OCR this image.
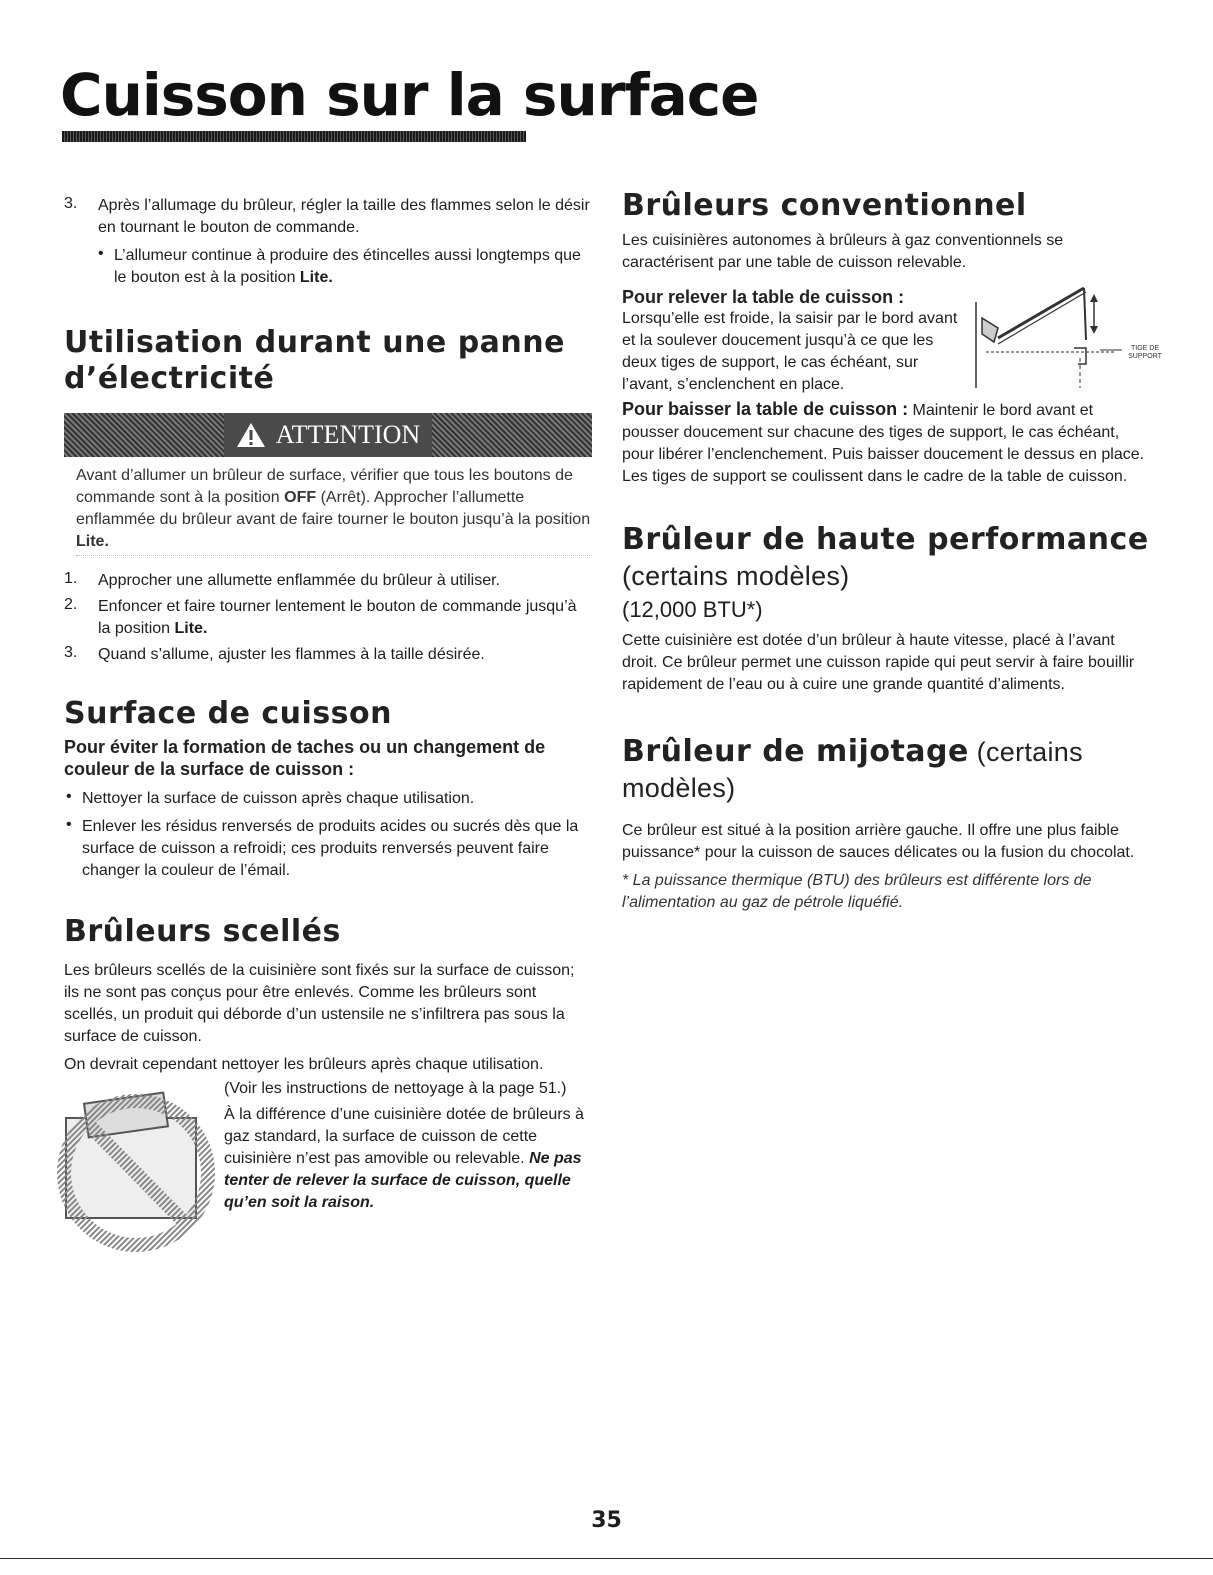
Cuisson sur la surface
3.	Après l’allumage du brûleur, régler la taille des flammes selon le désir en tournant le bouton de commande.

• L’allumeur continue à produire des étincelles aussi longtemps que le bouton est à la position Lite.

Utilisation durant une panne d’électricité
ATTENTION

Avant d’allumer un brûleur de surface, vérifier que tous les boutons de commande sont à la position OFF (Arrêt). Approcher l’allumette enflammée du brûleur avant de faire tourner le bouton jusqu’à la position Lite.

1.	Approcher une allumette enflammée du brûleur à utiliser.

2.	Enfoncer et faire tourner lentement le bouton de commande jusqu’à la position Lite.

3.	Quand s’allume, ajuster les flammes à la taille désirée.

Surface de cuisson
Pour éviter la formation de taches ou un changement de couleur de la surface de cuisson :
• Nettoyer la surface de cuisson après chaque utilisation.

• Enlever les résidus renversés de produits acides ou sucrés dès que la surface de cuisson a refroidi; ces produits renversés peuvent faire changer la couleur de l’émail.

Brûleurs scellés

Les brûleurs scellés de la cuisinière sont fixés sur la surface de cuisson; ils ne sont pas conçus pour être enlevés. Comme les brûleurs sont scellés, un produit qui déborde d’un ustensile ne s’infiltrera pas sous la surface de cuisson.

On devrait cependant nettoyer les brûleurs après chaque utilisation.

(Voir les instructions de nettoyage à la page 51.)

À la différence d’une cuisinière dotée de brûleurs à gaz standard, la surface de cuisson de cette cuisinière n’est pas amovible ou relevable. Ne pas tenter de relever la surface de cuisson, quelle qu’en soit la raison.

Brûleurs conventionnel

Les cuisinières autonomes à brûleurs à gaz conventionnels se caractérisent par une table de cuisson relevable.

Pour relever la table de cuisson :

Lorsqu’elle est froide, la saisir par le bord avant et la soulever doucement jusqu’à ce que les deux tiges de support, le cas échéant, sur l’avant, s’enclenchent en place.

TIGE DE SUPPORT

Pour baisser la table de cuisson : Maintenir le bord avant et pousser doucement sur chacune des tiges de support, le cas échéant, pour libérer l’enclenchement. Puis baisser doucement le dessus en place. Les tiges de support se coulissent dans le cadre de la table de cuisson.

Brûleur de haute performance (certains modèles)

(12,000 BTU*)

Cette cuisinière est dotée d’un brûleur à haute vitesse, placé à l’avant droit. Ce brûleur permet une cuisson rapide qui peut servir à faire bouillir rapidement de l’eau ou à cuire une grande quantité d’aliments.

Brûleur de mijotage (certains modèles)

Ce brûleur est situé à la position arrière gauche. Il offre une plus faible puissance* pour la cuisson de sauces délicates ou la fusion du chocolat.

* La puissance thermique (BTU) des brûleurs est différente lors de l’alimentation au gaz de pétrole liquéfié.

35
